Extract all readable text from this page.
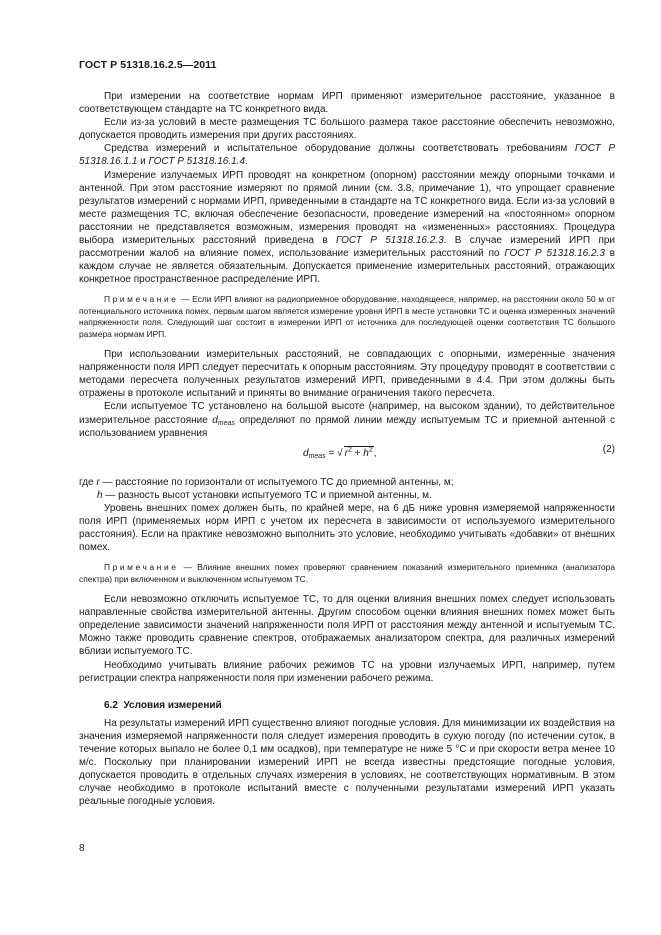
ГОСТ Р 51318.16.2.5—2011

При измерении на соответствие нормам ИРП применяют измерительное расстояние, указанное в соответствующем стандарте на ТС конкретного вида.

Если из-за условий в месте размещения ТС большого размера такое расстояние обеспечить невозможно, допускается проводить измерения при других расстояниях.

Средства измерений и испытательное оборудование должны соответствовать требованиям ГОСТ Р 51318.16.1.1 и ГОСТ Р 51318.16.1.4.

Измерение излучаемых ИРП проводят на конкретном (опорном) расстоянии между опорными точками и антенной. При этом расстояние измеряют по прямой линии (см. 3.8, примечание 1), что упрощает сравнение результатов измерений с нормами ИРП, приведенными в стандарте на ТС конкретного вида. Если из-за условий в месте размещения ТС, включая обеспечение безопасности, проведение измерений на «постоянном» опорном расстоянии не представляется возможным, измерения проводят на «измененных» расстояниях. Процедура выбора измерительных расстояний приведена в ГОСТ Р 51318.16.2.3. В случае измерений ИРП при рассмотрении жалоб на влияние помех, использование измерительных расстояний по ГОСТ Р 51318.16.2.3 в каждом случае не является обязательным. Допускается применение измерительных расстояний, отражающих конкретное пространственное распределение ИРП.

Примечание — Если ИРП влияют на радиоприемное оборудование, находящееся, например, на расстоянии около 50 м от потенциального источника помех, первым шагом является измерение уровня ИРП в месте установки ТС и оценка измеренных значений напряженности поля. Следующий шаг состоит в измерении ИРП от источника для последующей оценки соответствия ТС большого размера нормам ИРП.

При использовании измерительных расстояний, не совпадающих с опорными, измеренные значения напряженности поля ИРП следует пересчитать к опорным расстояниям. Эту процедуру проводят в соответствии с методами пересчета полученных результатов измерений ИРП, приведенными в 4.4. При этом должны быть отражены в протоколе испытаний и приняты во внимание ограничения такого пересчета.

Если испытуемое ТС установлено на большой высоте (например, на высоком здании), то действительное измерительное расстояние $d_{meas}$ определяют по прямой линии между испытуемым ТС и приемной антенной с использованием уравнения

$d_{meas}$ = √ $r^2 + h^2$,	(2)

где r — расстояние по горизонтали от испытуемого ТС до приемной антенны, м;

h — разность высот установки испытуемого ТС и приемной антенны, м.

Уровень внешних помех должен быть, по крайней мере, на 6 дБ ниже уровня измеряемой напряженности поля ИРП (применяемых норм ИРП с учетом их пересчета в зависимости от используемого измерительного расстояния). Если на практике невозможно выполнить это условие, необходимо учитывать «добавки» от внешних помех.

Примечание — Влияние внешних помех проверяют сравнением показаний измерительного приемника (анализатора спектра) при включенном и выключенном испытуемом ТС.

Если невозможно отключить испытуемое ТС, то для оценки влияния внешних помех следует использовать направленные свойства измерительной антенны. Другим способом оценки влияния внешних помех может быть определение зависимости значений напряженности поля ИРП от расстояния между антенной и испытуемым ТС. Можно также проводить сравнение спектров, отображаемых анализатором спектра, для различных измерений вблизи испытуемого ТС.

Необходимо учитывать влияние рабочих режимов ТС на уровни излучаемых ИРП, например, путем регистрации спектра напряженности поля при изменении рабочего режима.

6.2 Условия измерений

На результаты измерений ИРП существенно влияют погодные условия. Для минимизации их воздействия на значения измеряемой напряженности поля следует измерения проводить в сухую погоду (по истечении суток, в течение которых выпало не более 0,1 мм осадков), при температуре не ниже 5 °С и при скорости ветра менее 10 м/с. Поскольку при планировании измерений ИРП не всегда известны предстоящие погодные условия, допускается проводить в отдельных случаях измерения в условиях, не соответствующих нормативным. В этом случае необходимо в протоколе испытаний вместе с полученными результатами измерений ИРП указать реальные погодные условия.

8
